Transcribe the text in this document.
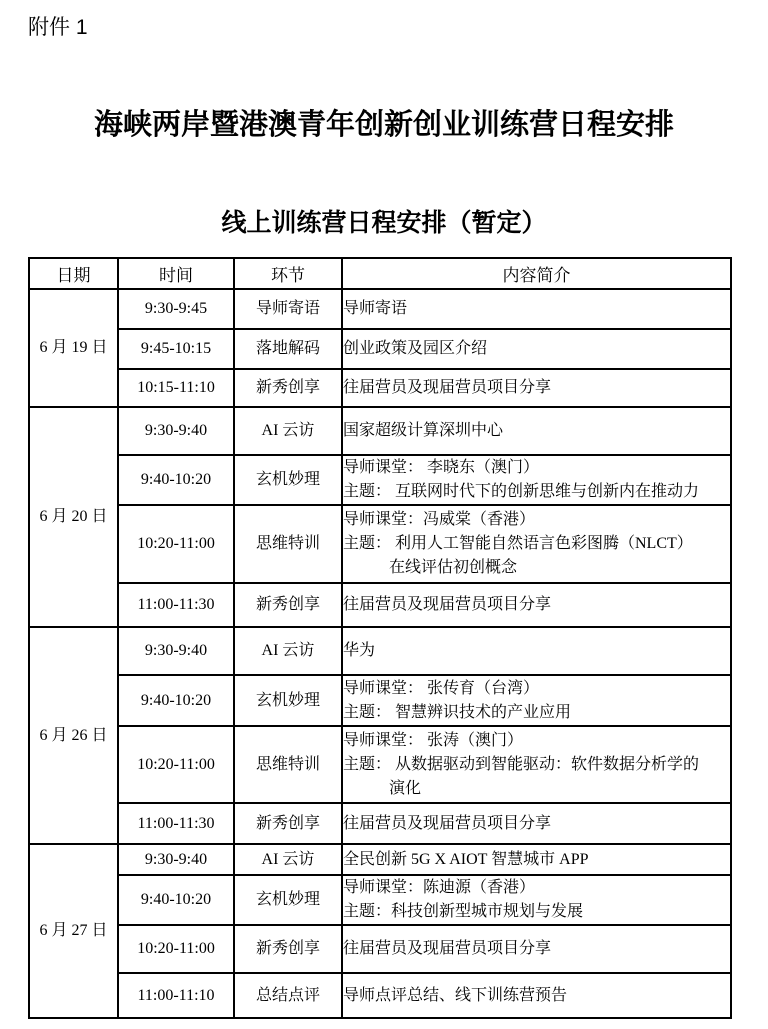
附件 1
海峡两岸暨港澳青年创新创业训练营日程安排
线上训练营日程安排（暂定）
日期	时间	环节	内容简介
6 月 19 日	9:30-9:45	导师寄语	导师寄语

	9:45-10:15	落地解码	创业政策及园区介绍

	10:15-11:10	新秀创享	往届营员及现届营员项目分享

6 月 20 日	9:30-9:40	AI 云访	国家超级计算深圳中心

	9:40-10:20	玄机妙理	导师课堂： 李晓东（澳门）
主题： 互联网时代下的创新思维与创新内在推动力

	10:20-11:00	思维特训	导师课堂：冯威棠（香港）
主题： 利用人工智能自然语言色彩图腾（NLCT）
在线评估初创概念

	11:00-11:30	新秀创享	往届营员及现届营员项目分享

6 月 26 日	9:30-9:40	AI 云访	华为

	9:40-10:20	玄机妙理	导师课堂： 张传育（台湾）
主题： 智慧辨识技术的产业应用

	10:20-11:00	思维特训	导师课堂： 张涛（澳门）
主题： 从数据驱动到智能驱动：软件数据分析学的
演化

	11:00-11:30	新秀创享	往届营员及现届营员项目分享

6 月 27 日	9:30-9:40	AI 云访	全民创新 5G X AIOT 智慧城市 APP

	9:40-10:20	玄机妙理	导师课堂：陈迪源（香港）
主题：科技创新型城市规划与发展

	10:20-11:00	新秀创享	往届营员及现届营员项目分享

	11:00-11:10	总结点评	导师点评总结、线下训练营预告
